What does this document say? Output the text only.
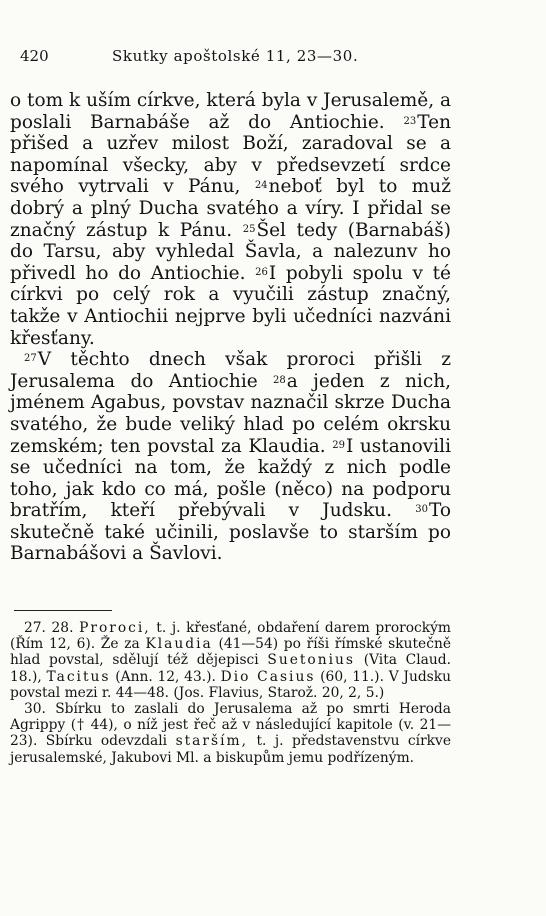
420	Skutky apoštolské 11, 23—30.

o tom k uším církve, která byla v Jerusalemě, a poslali Barnabáše až do Antiochie. $^{23}$Ten přišed a uzřev milost Boží, zaradoval se a napomínal všecky, aby v předsevzetí srdce svého vytrvali v Pánu, $^{24}$neboť byl to muž dobrý a plný Ducha svatého a víry. I přidal se značný zástup k Pánu. $^{25}$Šel tedy (Barnabáš) do Tarsu, aby vyhledal Šavla, a nalezunv ho přivedl ho do Antiochie. $^{26}$I pobyli spolu v té církvi po celý rok a vyučili zástup značný, takže v Antiochii nejprve byli učedníci nazváni křesťany.

$^{27}$V těchto dnech však proroci přišli z Jerusalema do Antiochie $^{28}$a jeden z nich, jménem Agabus, povstav naznačil skrze Ducha svatého, že bude veliký hlad po celém okrsku zemském; ten povstal za Klaudia. $^{29}$I ustanovili se učedníci na tom, že každý z nich podle toho, jak kdo co má, pošle (něco) na podporu bratřím, kteří přebývali v Judsku. $^{30}$To skutečně také učinili, poslavše to starším po Barnabášovi a Šavlovi.

27. 28. Proroci, t. j. křesťané, obdaření darem prorockým (Řím 12, 6). Že za Klaudia (41—54) po říši římské skutečně hlad povstal, sdělují též dějepisci Suetonius (Vita Claud. 18.), Tacitus (Ann. 12, 43.). Dio Casius (60, 11.). V Judsku povstal mezi r. 44—48. (Jos. Flavius, Starož. 20, 2, 5.)

30. Sbírku to zaslali do Jerusalema až po smrti Heroda Agrippy († 44), o níž jest řeč až v následující kapitole (v. 21—23). Sbírku odevzdali starším, t. j. představenstvu církve jerusalemské, Jakubovi Ml. a biskupům jemu podřízeným.
